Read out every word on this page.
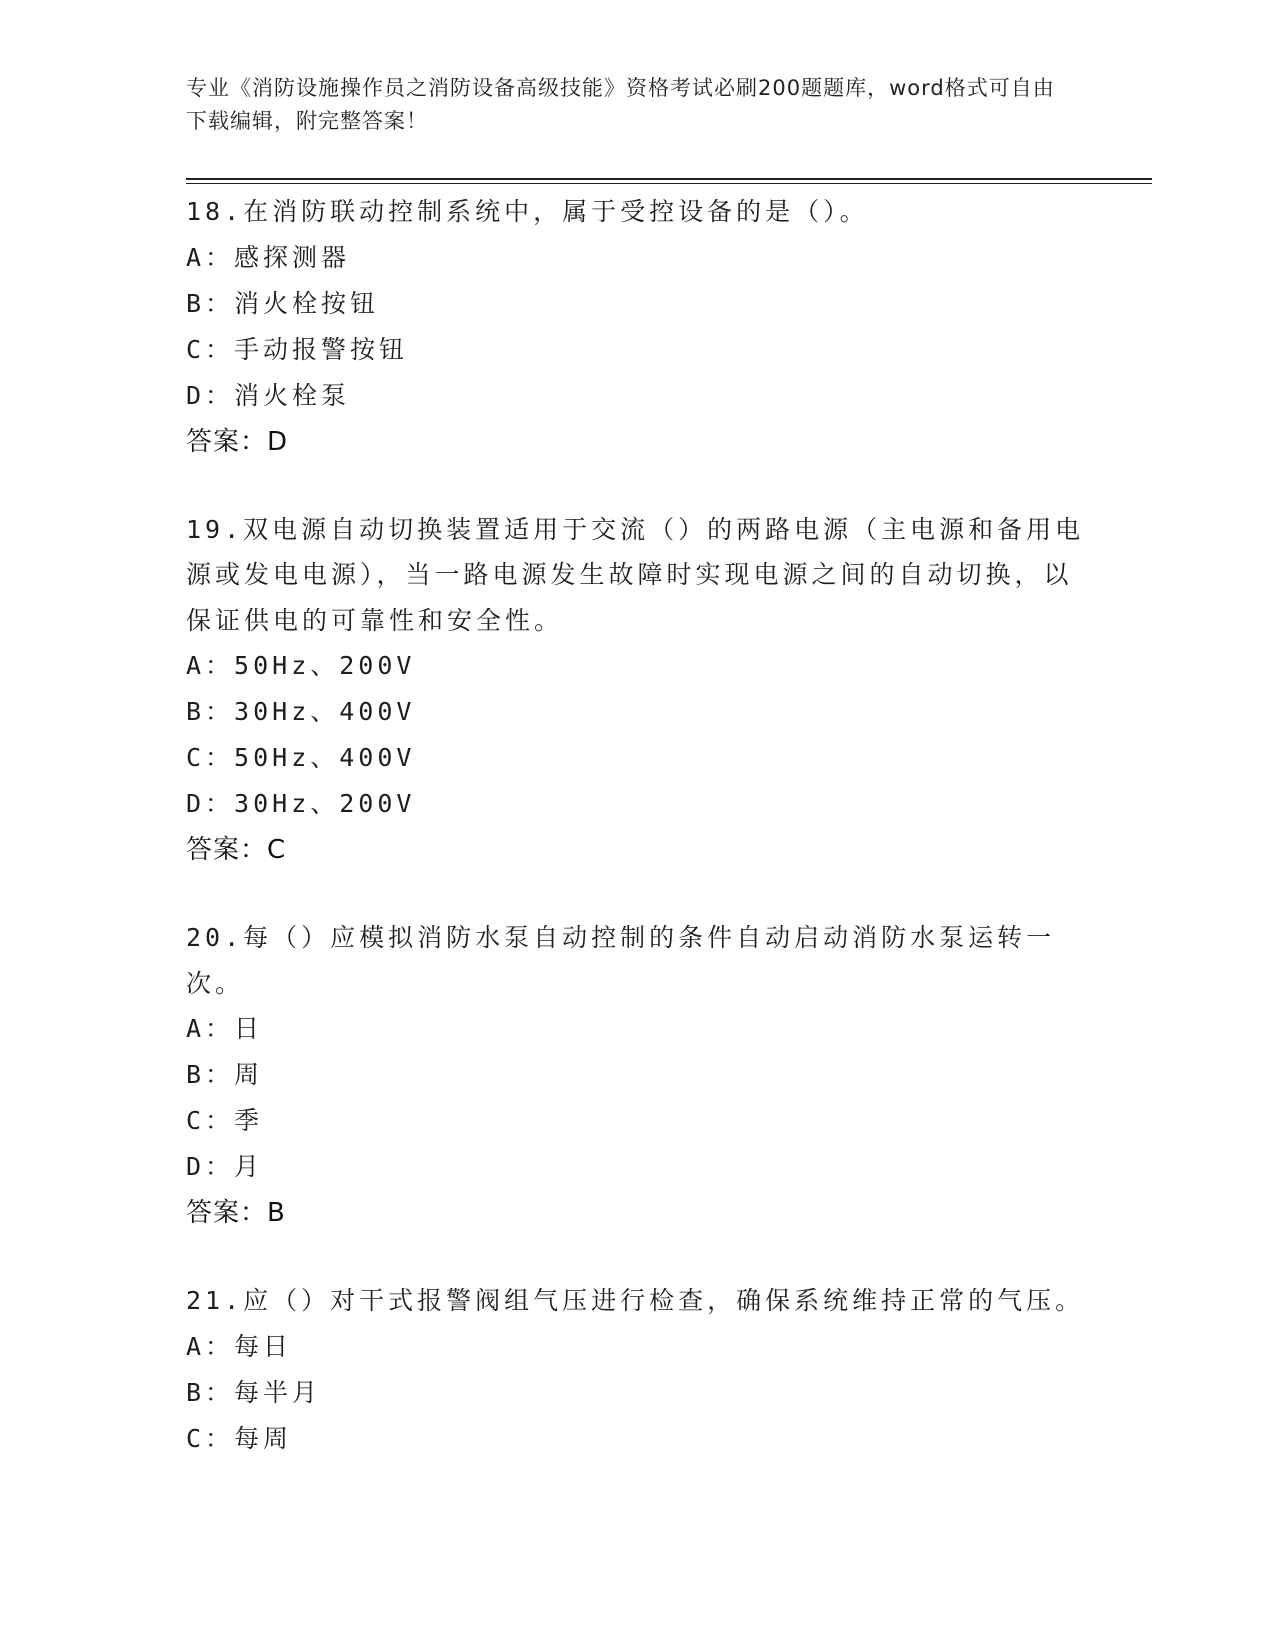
专业《消防设施操作员之消防设备高级技能》资格考试必刷200题题库，word格式可自由下载编辑，附完整答案！

18.在消防联动控制系统中，属于受控设备的是（）。

A：感探测器

B：消火栓按钮

C：手动报警按钮

D：消火栓泵

答案：D

19.双电源自动切换装置适用于交流（）的两路电源（主电源和备用电源或发电电源），当一路电源发生故障时实现电源之间的自动切换，以保证供电的可靠性和安全性。

A：50Hz、200V

B：30Hz、400V

C：50Hz、400V

D：30Hz、200V

答案：C

20.每（）应模拟消防水泵自动控制的条件自动启动消防水泵运转一次。

A：日

B：周

C：季

D：月

答案：B

21.应（）对干式报警阀组气压进行检查，确保系统维持正常的气压。

A：每日

B：每半月

C：每周
